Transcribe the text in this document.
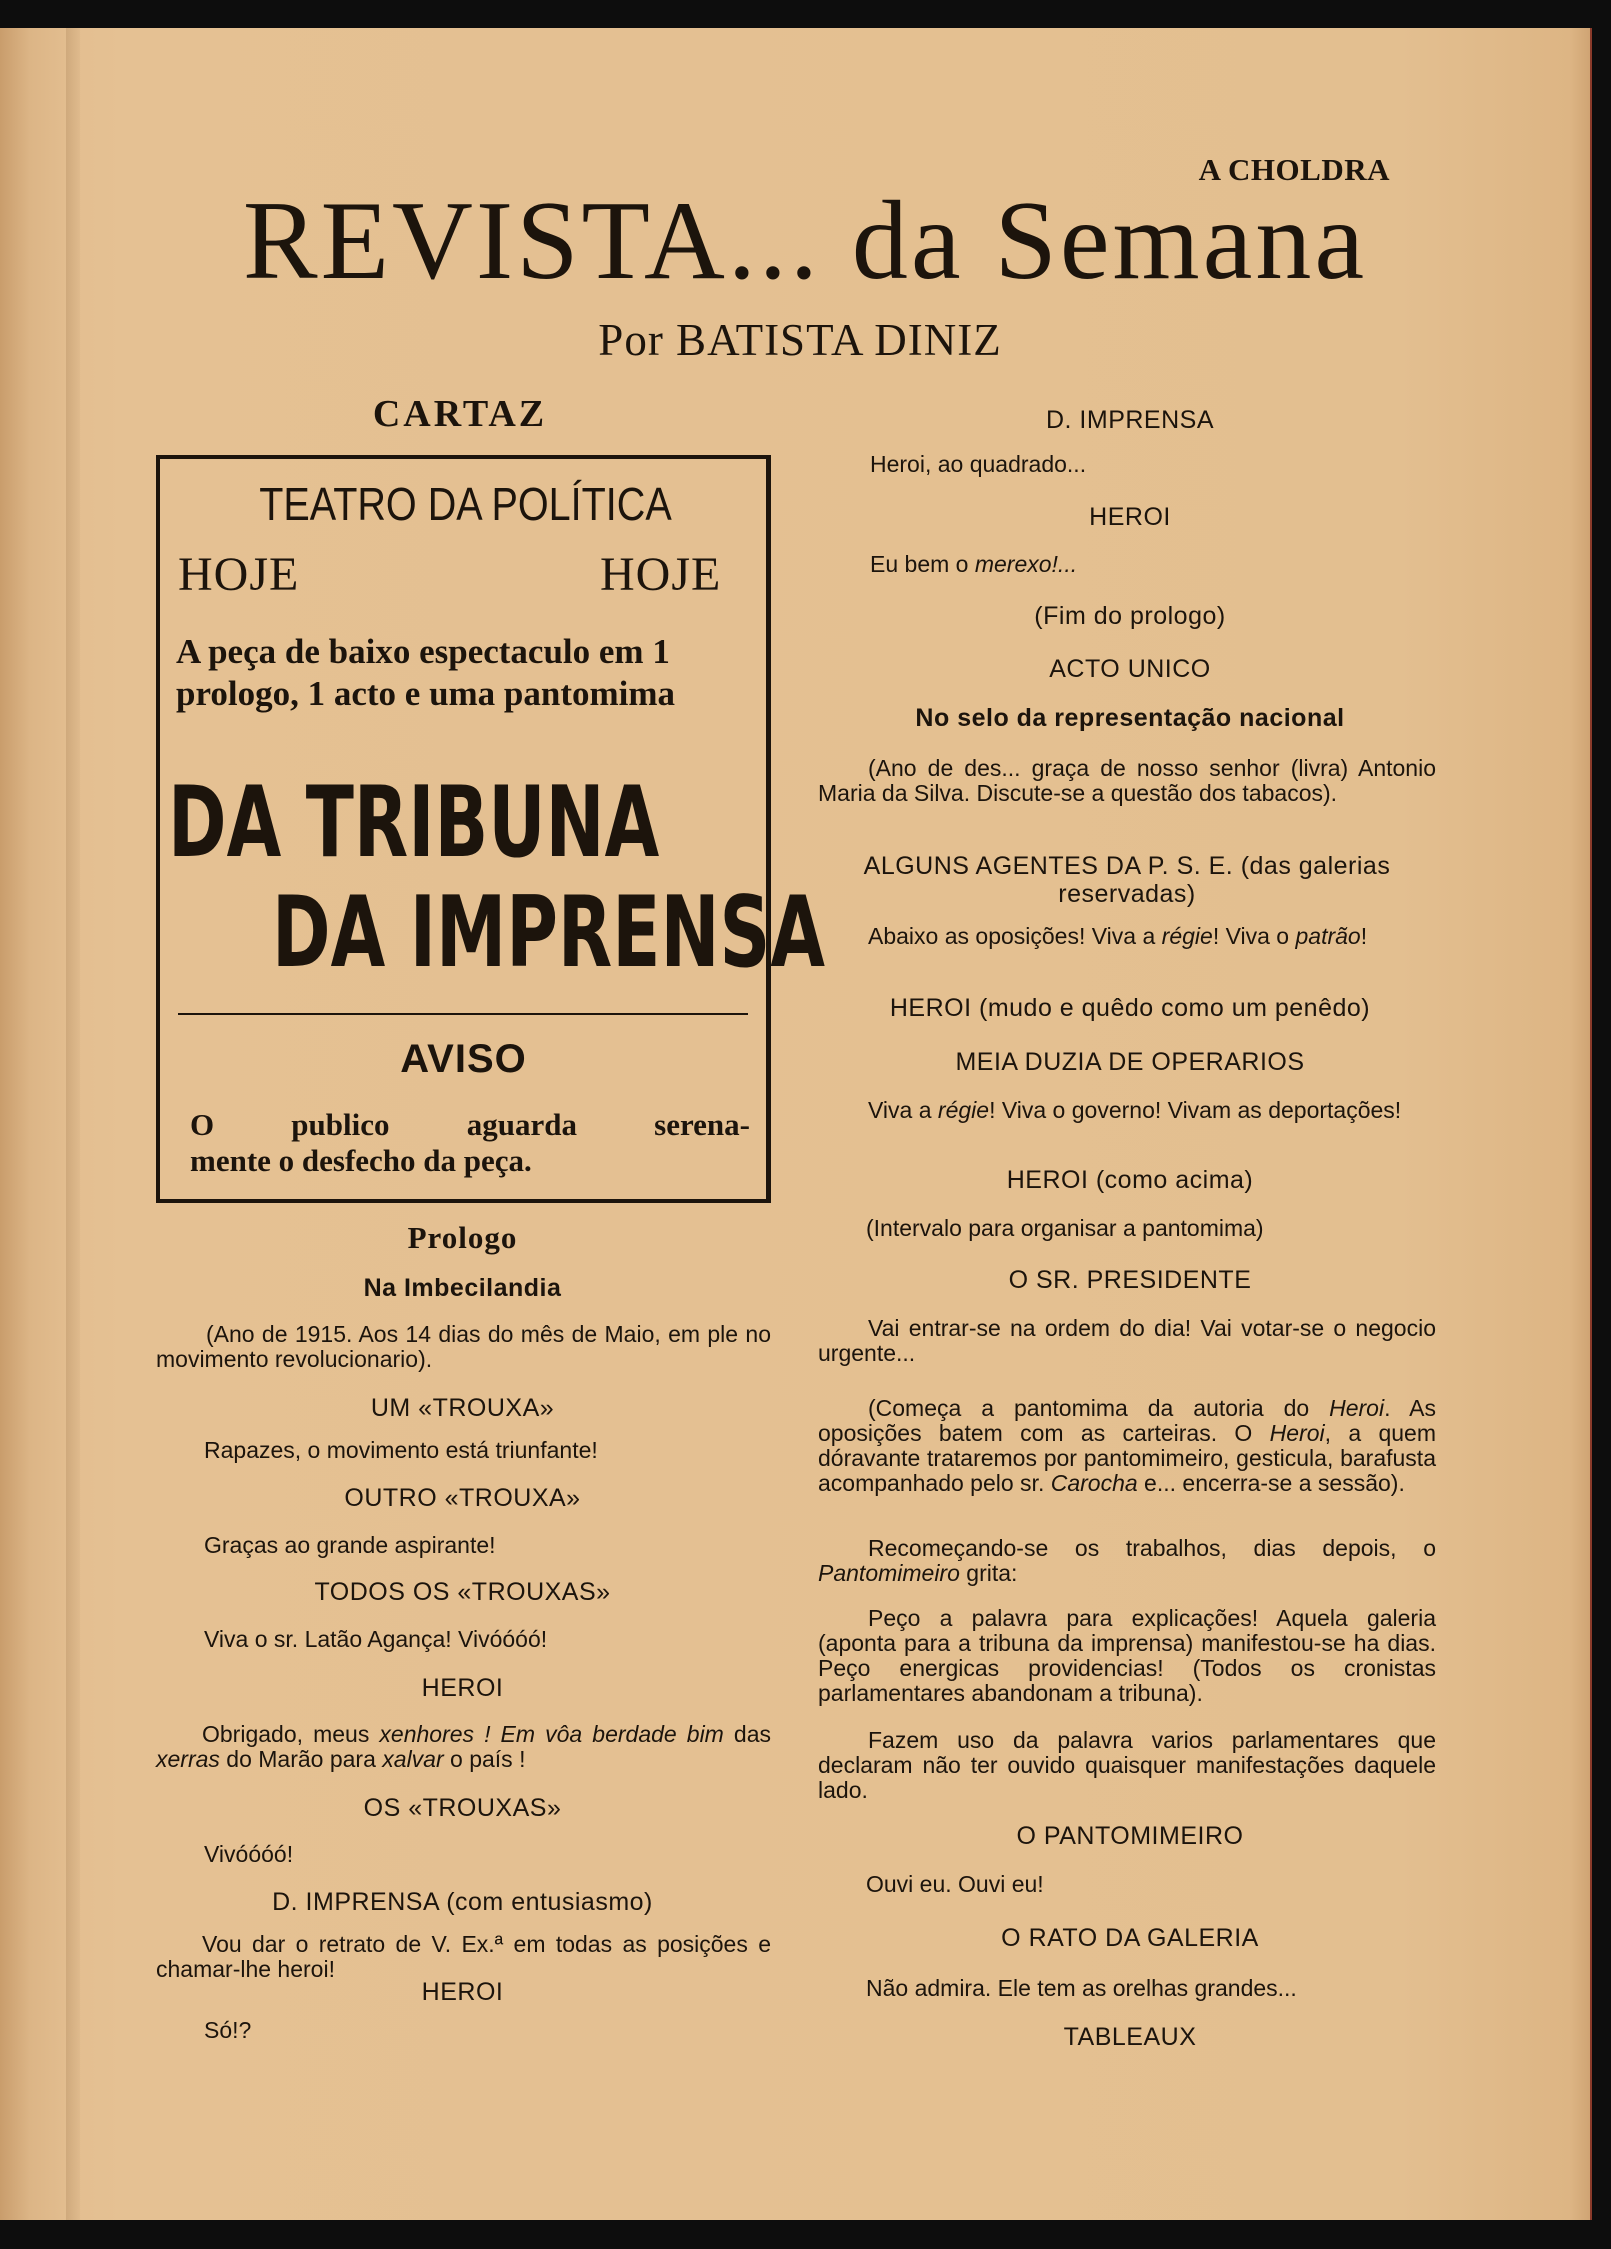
A CHOLDRA
REVISTA... da Semana
Por BATISTA DINIZ
CARTAZ
TEATRO DA POLÍTICA
HOJE	HOJE
A peça de baixo espectaculo em 1 prologo, 1 acto e uma pantomima
DA TRIBUNA
DA IMPRENSA
AVISO
O publico aguarda serena-
mente o desfecho da peça.
Prologo
Na Imbecilandia
(Ano de 1915. Aos 14 dias do mês de Maio, em ple no movimento revolucionario).
UM «TROUXA»
Rapazes, o movimento está triunfante!
OUTRO «TROUXA»
Graças ao grande aspirante!
TODOS OS «TROUXAS»
Viva o sr. Latão Agança! Vivóóóó!
HEROI
Obrigado, meus xenhores ! Em vôa berdade bim das xerras do Marão para xalvar o país !
OS «TROUXAS»
Vivóóóó!
D. IMPRENSA (com entusiasmo)
Vou dar o retrato de V. Ex.ª em todas as posições e chamar-lhe heroi!
HEROI
Só!?
D. IMPRENSA
Heroi, ao quadrado...
HEROI
Eu bem o merexo!...
(Fim do prologo)
ACTO UNICO
No selo da representação nacional
(Ano de des... graça de nosso senhor (livra) Antonio Maria da Silva. Discute-se a questão dos tabacos).
ALGUNS AGENTES DA P. S. E. (das galerias reservadas)
Abaixo as oposições! Viva a régie! Viva o patrão!
HEROI (mudo e quêdo como um penêdo)
MEIA DUZIA DE OPERARIOS
Viva a régie! Viva o governo! Vivam as deportações!
HEROI (como acima)
(Intervalo para organisar a pantomima)
O SR. PRESIDENTE
Vai entrar-se na ordem do dia! Vai votar-se o negocio urgente...
(Começa a pantomima da autoria do Heroi. As oposições batem com as carteiras. O Heroi, a quem dóravante trataremos por pantomimeiro, gesticula, barafusta acompanhado pelo sr. Carocha e... encerra-se a sessão).
Recomeçando-se os trabalhos, dias depois, o Pantomimeiro grita:
Peço a palavra para explicações! Aquela galeria (aponta para a tribuna da imprensa) manifestou-se ha dias. Peço energicas providencias! (Todos os cronistas parlamentares abandonam a tribuna).
Fazem uso da palavra varios parlamentares que declaram não ter ouvido quaisquer manifestações daquele lado.
O PANTOMIMEIRO
Ouvi eu. Ouvi eu!
O RATO DA GALERIA
Não admira. Ele tem as orelhas grandes...
TABLEAUX
